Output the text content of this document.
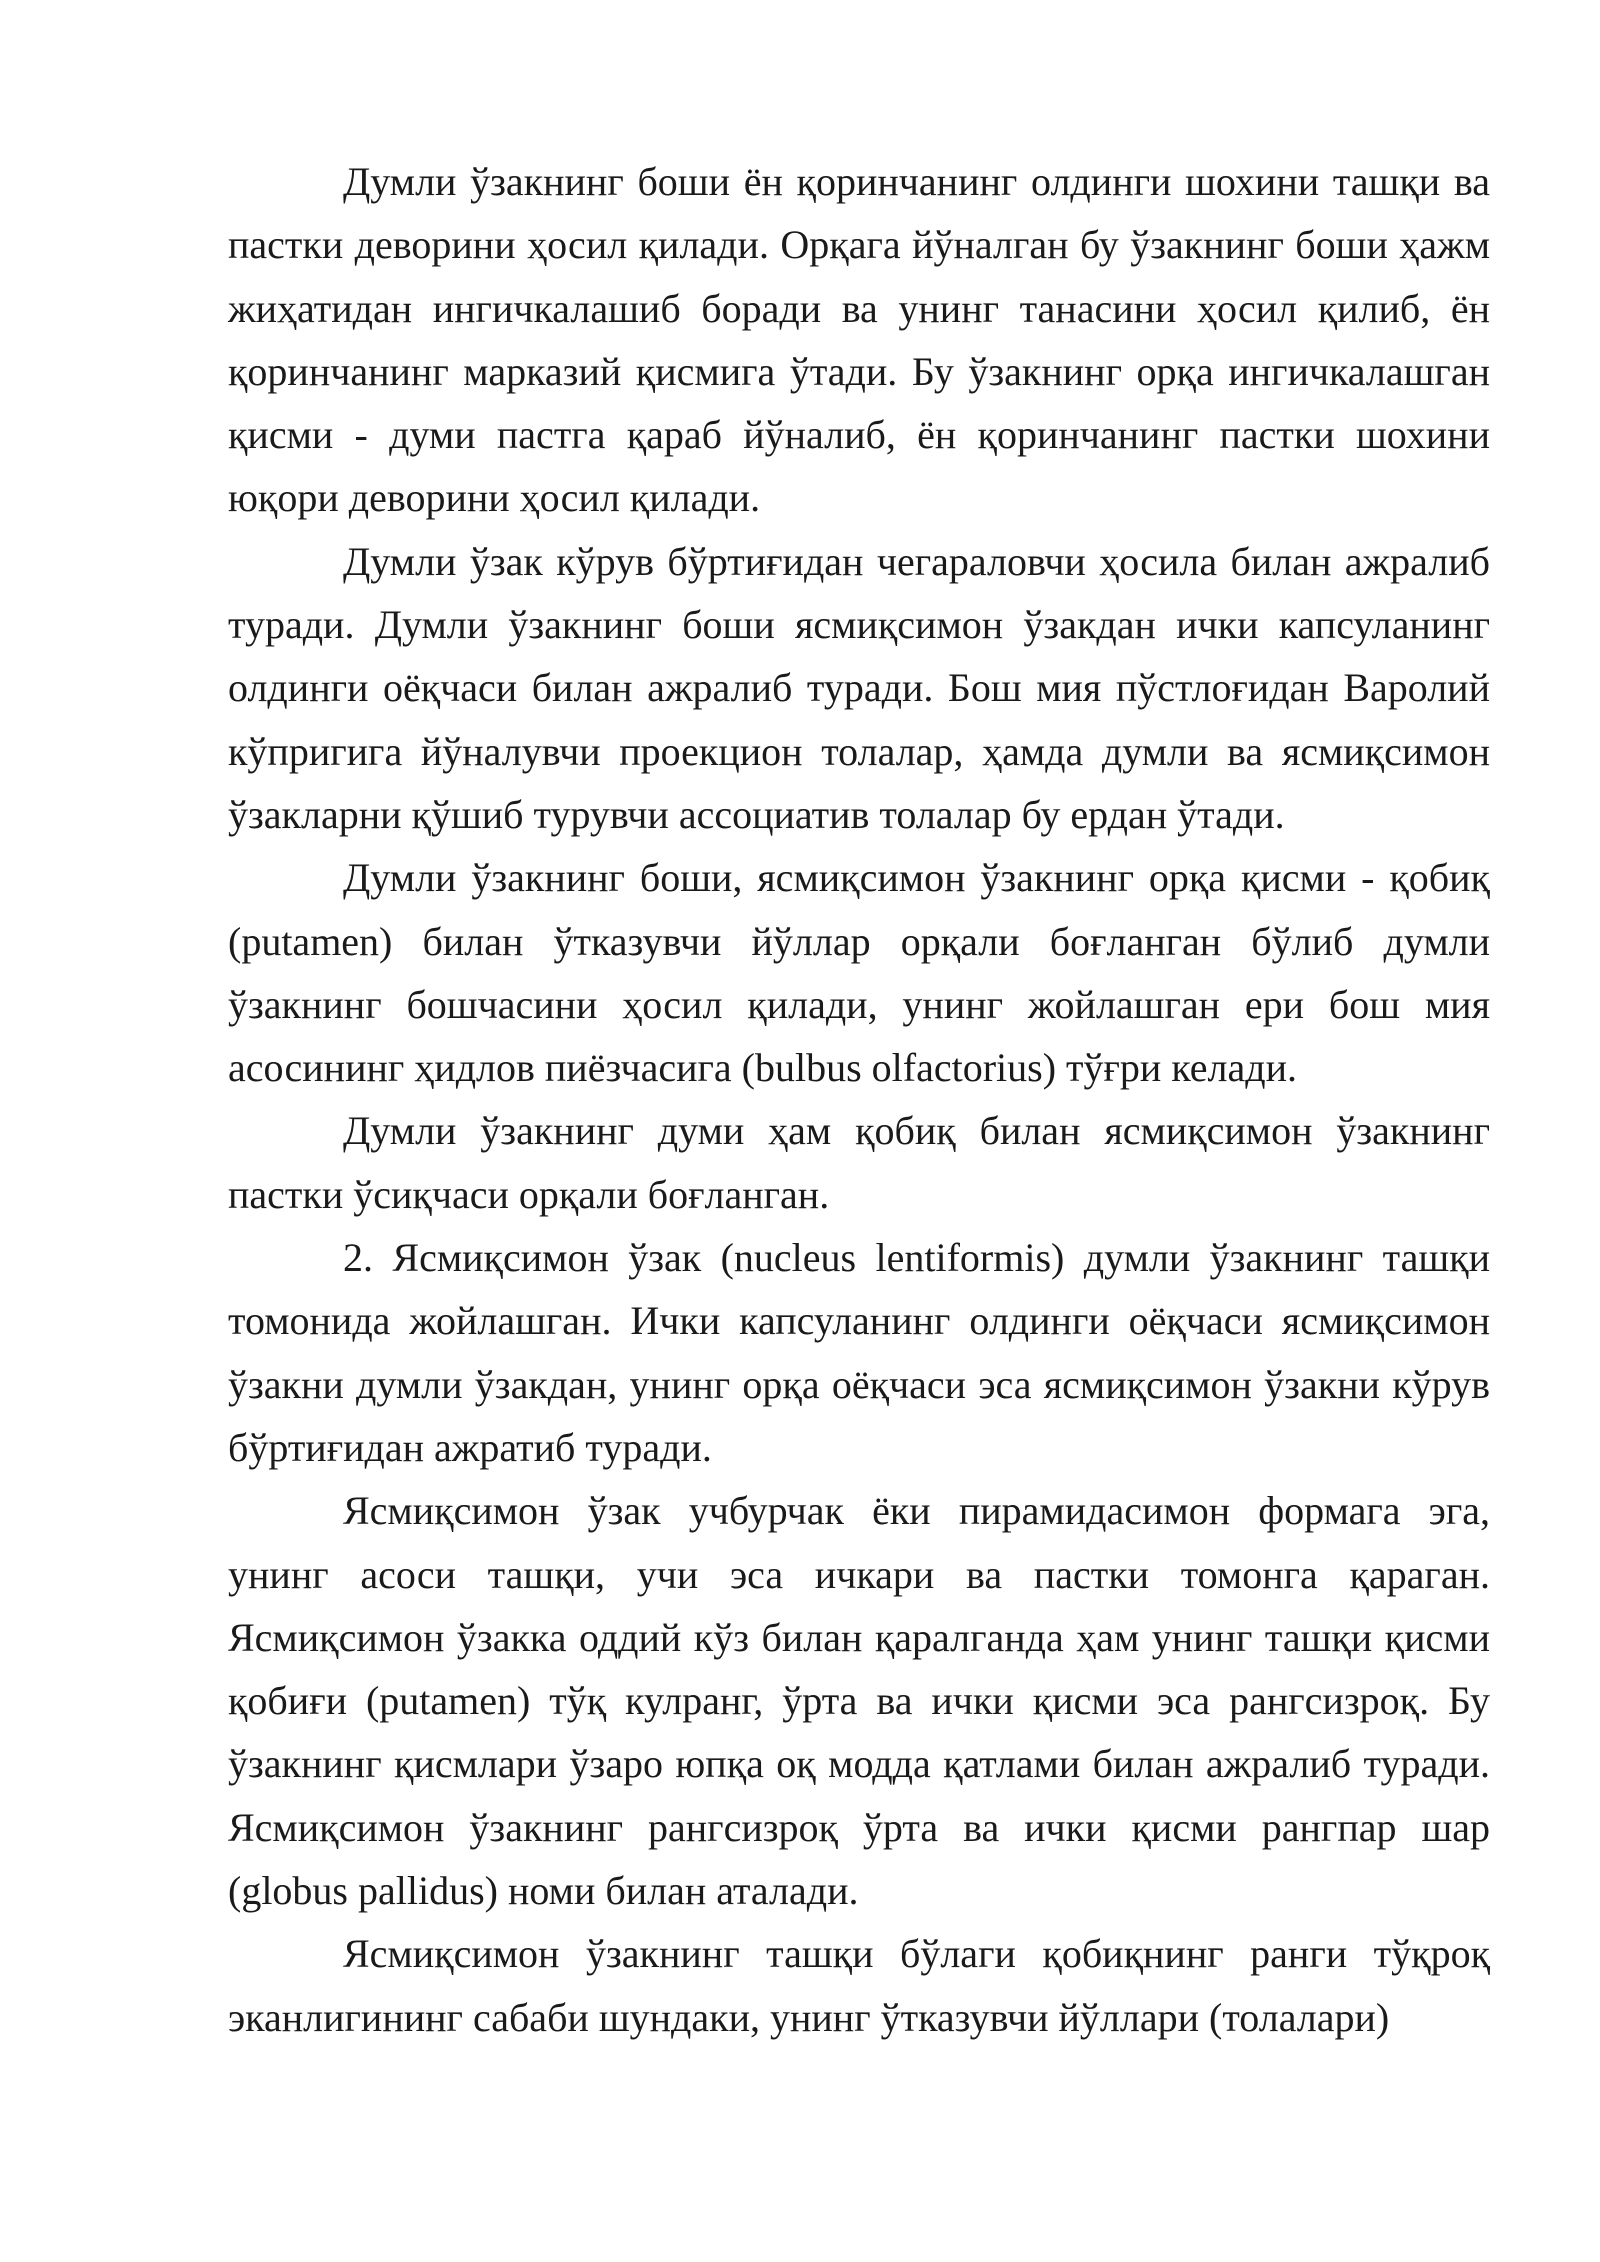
Думли ўзакнинг боши ён қоринчанинг олдинги шохини ташқи ва пастки деворини ҳосил қилади. Орқага йўналган бу ўзакнинг боши ҳажм жиҳатидан ингичкалашиб боради ва унинг танасини ҳосил қилиб, ён қоринчанинг марказий қисмига ўтади. Бу ўзакнинг орқа ингичкалашган қисми - думи пастга қараб йўналиб, ён қоринчанинг пастки шохини юқори деворини ҳосил қилади.

Думли ўзак кўрув бўртиғидан чегараловчи ҳосила билан ажралиб туради. Думли ўзакнинг боши ясмиқсимон ўзакдан ички капсуланинг олдинги оёқчаси билан ажралиб туради. Бош мия пўстлоғидан Варолий кўпригига йўналувчи проекцион толалар, ҳамда думли ва ясмиқсимон ўзакларни қўшиб турувчи ассоциатив толалар бу ердан ўтади.

Думли ўзакнинг боши, ясмиқсимон ўзакнинг орқа қисми - қобиқ (putamen) билан ўтказувчи йўллар орқали боғланган бўлиб думли ўзакнинг бошчасини ҳосил қилади, унинг жойлашган ери бош мия асосининг ҳидлов пиёзчасига (bulbus olfactorius) тўғри келади.

Думли ўзакнинг думи ҳам қобиқ билан ясмиқсимон ўзакнинг пастки ўсиқчаси орқали боғланган.

2. Ясмиқсимон ўзак (nucleus lentiformis) думли ўзакнинг ташқи томонида жойлашган. Ички капсуланинг олдинги оёқчаси ясмиқсимон ўзакни думли ўзакдан, унинг орқа оёқчаси эса ясмиқсимон ўзакни кўрув бўртиғидан ажратиб туради.

Ясмиқсимон ўзак учбурчак ёки пирамидасимон формага эга, унинг асоси ташқи, учи эса ичкари ва пастки томонга қараган. Ясмиқсимон ўзакка оддий кўз билан қаралганда ҳам унинг ташқи қисми қобиғи (putamen) тўқ кулранг, ўрта ва ички қисми эса рангсизроқ. Бу ўзакнинг қисмлари ўзаро юпқа оқ модда қатлами билан ажралиб туради. Ясмиқсимон ўзакнинг рангсизроқ ўрта ва ички қисми рангпар шар (globus pallidus) номи билан аталади.

Ясмиқсимон ўзакнинг ташқи бўлаги қобиқнинг ранги тўқроқ эканлигининг сабаби шундаки, унинг ўтказувчи йўллари (толалари)
